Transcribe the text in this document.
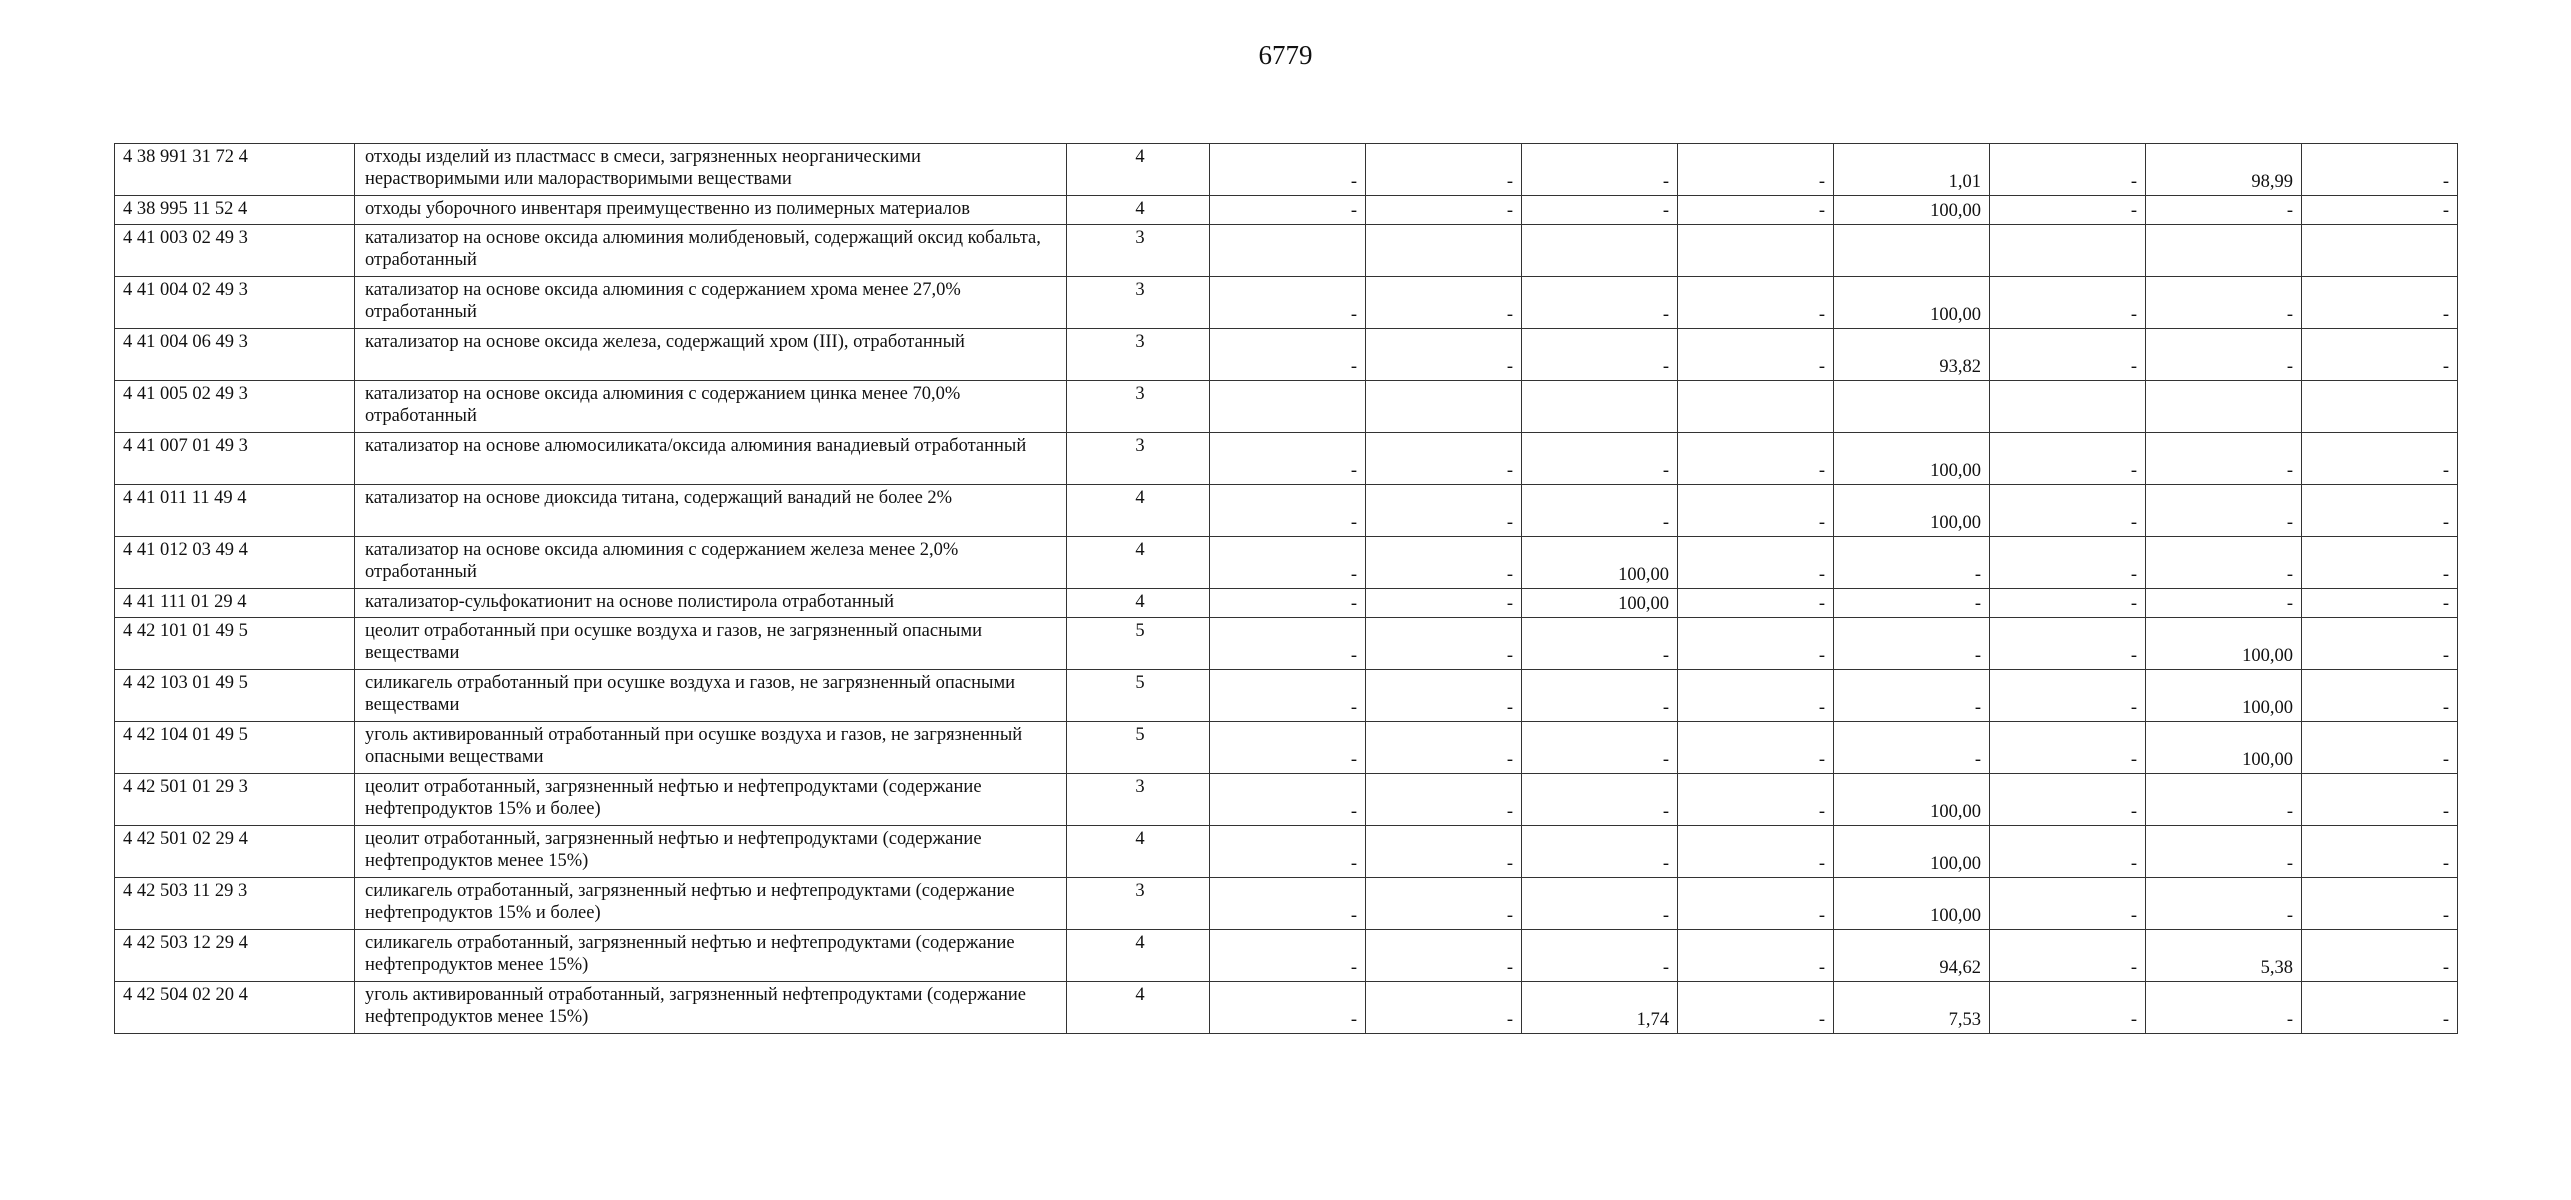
6779
4 38 991 31 72 4	отходы изделий из пластмасс в смеси, загрязненных неорганическими нерастворимыми или малорастворимыми веществами	4	-	-	-	-	1,01	-	98,99	-
4 38 995 11 52 4	отходы уборочного инвентаря преимущественно из полимерных материалов	4	-	-	-	-	100,00	-	-	-
4 41 003 02 49 3	катализатор на основе оксида алюминия молибденовый, содержащий оксид кобальта, отработанный	3								
4 41 004 02 49 3	катализатор на основе оксида алюминия с содержанием хрома менее 27,0% отработанный	3	-	-	-	-	100,00	-	-	-
4 41 004 06 49 3	катализатор на основе оксида железа, содержащий хром (III), отработанный	3	-	-	-	-	93,82	-	-	-
4 41 005 02 49 3	катализатор на основе оксида алюминия с содержанием цинка менее 70,0% отработанный	3								
4 41 007 01 49 3	катализатор на основе алюмосиликата/оксида алюминия ванадиевый отработанный	3	-	-	-	-	100,00	-	-	-
4 41 011 11 49 4	катализатор на основе диоксида титана, содержащий ванадий не более 2%	4	-	-	-	-	100,00	-	-	-
4 41 012 03 49 4	катализатор на основе оксида алюминия с содержанием железа менее 2,0% отработанный	4	-	-	100,00	-	-	-	-	-
4 41 111 01 29 4	катализатор-сульфокатионит на основе полистирола отработанный	4	-	-	100,00	-	-	-	-	-
4 42 101 01 49 5	цеолит отработанный при осушке воздуха и газов, не загрязненный опасными веществами	5	-	-	-	-	-	-	100,00	-
4 42 103 01 49 5	силикагель отработанный при осушке воздуха и газов, не загрязненный опасными веществами	5	-	-	-	-	-	-	100,00	-
4 42 104 01 49 5	уголь активированный отработанный при осушке воздуха и газов, не загрязненный опасными веществами	5	-	-	-	-	-	-	100,00	-
4 42 501 01 29 3	цеолит отработанный, загрязненный нефтью и нефтепродуктами (содержание нефтепродуктов 15% и более)	3	-	-	-	-	100,00	-	-	-
4 42 501 02 29 4	цеолит отработанный, загрязненный нефтью и нефтепродуктами (содержание нефтепродуктов менее 15%)	4	-	-	-	-	100,00	-	-	-
4 42 503 11 29 3	силикагель отработанный, загрязненный нефтью и нефтепродуктами (содержание нефтепродуктов 15% и более)	3	-	-	-	-	100,00	-	-	-
4 42 503 12 29 4	силикагель отработанный, загрязненный нефтью и нефтепродуктами (содержание нефтепродуктов менее 15%)	4	-	-	-	-	94,62	-	5,38	-
4 42 504 02 20 4	уголь активированный отработанный, загрязненный нефтепродуктами (содержание нефтепродуктов менее 15%)	4	-	-	1,74	-	7,53	-	-	-
